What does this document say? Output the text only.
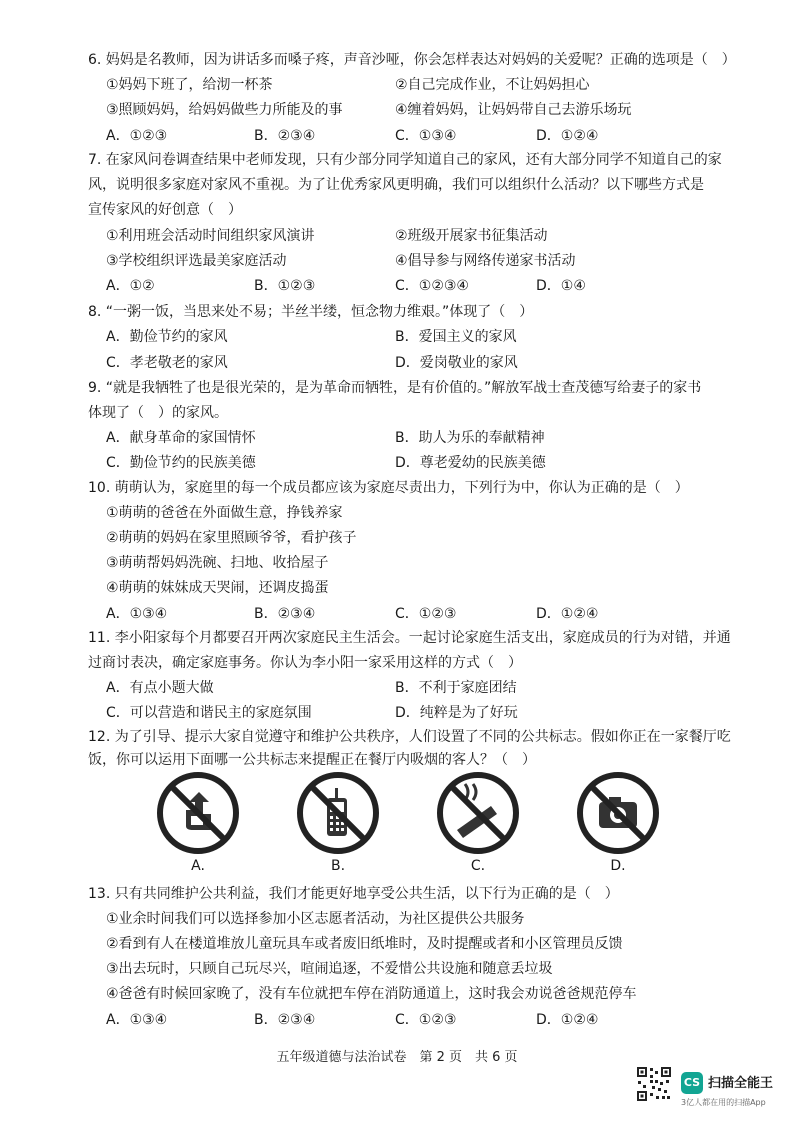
6. 妈妈是名教师，因为讲话多而嗓子疼，声音沙哑，你会怎样表达对妈妈的关爱呢？正确的选项是（　）
①妈妈下班了，给沏一杯茶	②自己完成作业，不让妈妈担心
③照顾妈妈，给妈妈做些力所能及的事	④缠着妈妈，让妈妈带自己去游乐场玩
A．①②③	B．②③④	C．①③④	D．①②④
7. 在家风问卷调查结果中老师发现，只有少部分同学知道自己的家风，还有大部分同学不知道自己的家
风，说明很多家庭对家风不重视。为了让优秀家风更明确，我们可以组织什么活动？以下哪些方式是
宣传家风的好创意（　）
①利用班会活动时间组织家风演讲	②班级开展家书征集活动
③学校组织评选最美家庭活动	④倡导参与网络传递家书活动
A．①②	B．①②③	C．①②③④	D．①④
8. “一粥一饭，当思来处不易；半丝半缕，恒念物力维艰。”体现了（　）
A．勤俭节约的家风	B．爱国主义的家风
C．孝老敬老的家风	D．爱岗敬业的家风
9. “就是我牺牲了也是很光荣的，是为革命而牺牲，是有价值的。”解放军战士查茂德写给妻子的家书
体现了（　）的家风。
A．献身革命的家国情怀	B．助人为乐的奉献精神
C．勤俭节约的民族美德	D．尊老爱幼的民族美德
10. 萌萌认为，家庭里的每一个成员都应该为家庭尽责出力，下列行为中，你认为正确的是（　）
①萌萌的爸爸在外面做生意，挣钱养家
②萌萌的妈妈在家里照顾爷爷，看护孩子
③萌萌帮妈妈洗碗、扫地、收拾屋子
④萌萌的妹妹成天哭闹，还调皮捣蛋
A．①③④	B．②③④	C．①②③	D．①②④
11. 李小阳家每个月都要召开两次家庭民主生活会。一起讨论家庭生活支出，家庭成员的行为对错，并通
过商讨表决，确定家庭事务。你认为李小阳一家采用这样的方式（　）
A．有点小题大做	B．不利于家庭团结
C．可以营造和谐民主的家庭氛围	D．纯粹是为了好玩
12. 为了引导、提示大家自觉遵守和维护公共秩序，人们设置了不同的公共标志。假如你正在一家餐厅吃
饭，你可以运用下面哪一公共标志来提醒正在餐厅内吸烟的客人？（　）
A.	B.	C.	D.
13. 只有共同维护公共利益，我们才能更好地享受公共生活，以下行为正确的是（　）
①业余时间我们可以选择参加小区志愿者活动，为社区提供公共服务
②看到有人在楼道堆放儿童玩具车或者废旧纸堆时，及时提醒或者和小区管理员反馈
③出去玩时，只顾自己玩尽兴，喧闹追逐，不爱惜公共设施和随意丢垃圾
④爸爸有时候回家晚了，没有车位就把车停在消防通道上，这时我会劝说爸爸规范停车
A．①③④	B．②③④	C．①②③	D．①②④
五年级道德与法治试卷　第 2 页　共 6 页
CS 扫描全能王
3亿人都在用的扫描App
